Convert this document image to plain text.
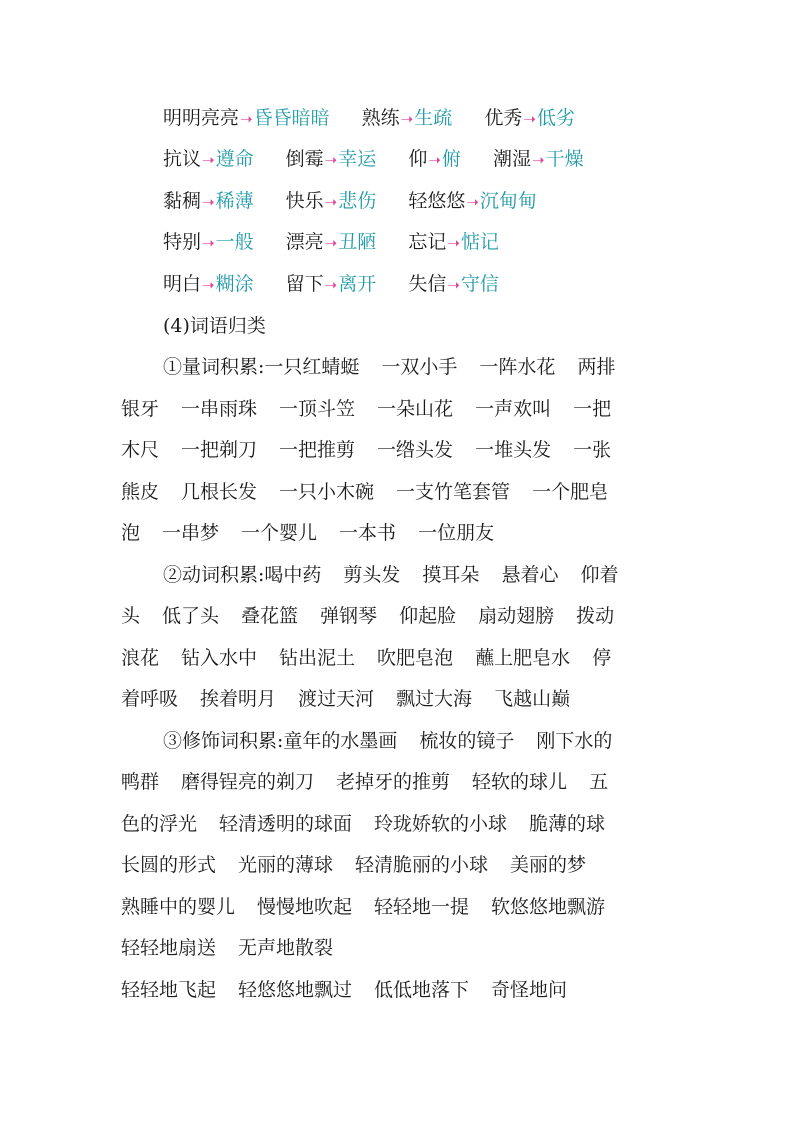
明明亮亮➝昏昏暗暗 熟练➝生疏 优秀➝低劣
抗议➝遵命 倒霉➝幸运 仰➝俯 潮湿➝干燥
黏稠➝稀薄 快乐➝悲伤 轻悠悠➝沉甸甸
特别➝一般 漂亮➝丑陋 忘记➝惦记
明白➝糊涂 留下➝离开 失信➝守信
(4)词语归类
①量词积累:一只红蜻蜓 一双小手 一阵水花 两排
银牙 一串雨珠 一顶斗笠 一朵山花 一声欢叫 一把
木尺 一把剃刀 一把推剪 一绺头发 一堆头发 一张
熊皮 几根长发 一只小木碗 一支竹笔套管 一个肥皂
泡 一串梦 一个婴儿 一本书 一位朋友
②动词积累:喝中药 剪头发 摸耳朵 悬着心 仰着
头 低了头 叠花篮 弹钢琴 仰起脸 扇动翅膀 拨动
浪花 钻入水中 钻出泥土 吹肥皂泡 蘸上肥皂水 停
着呼吸 挨着明月 渡过天河 飘过大海 飞越山巅
③修饰词积累:童年的水墨画 梳妆的镜子 刚下水的
鸭群 磨得锃亮的剃刀 老掉牙的推剪 轻软的球儿 五
色的浮光 轻清透明的球面 玲珑娇软的小球 脆薄的球
长圆的形式 光丽的薄球 轻清脆丽的小球 美丽的梦
熟睡中的婴儿 慢慢地吹起 轻轻地一提 软悠悠地飘游
轻轻地扇送 无声地散裂
轻轻地飞起 轻悠悠地飘过 低低地落下 奇怪地问
